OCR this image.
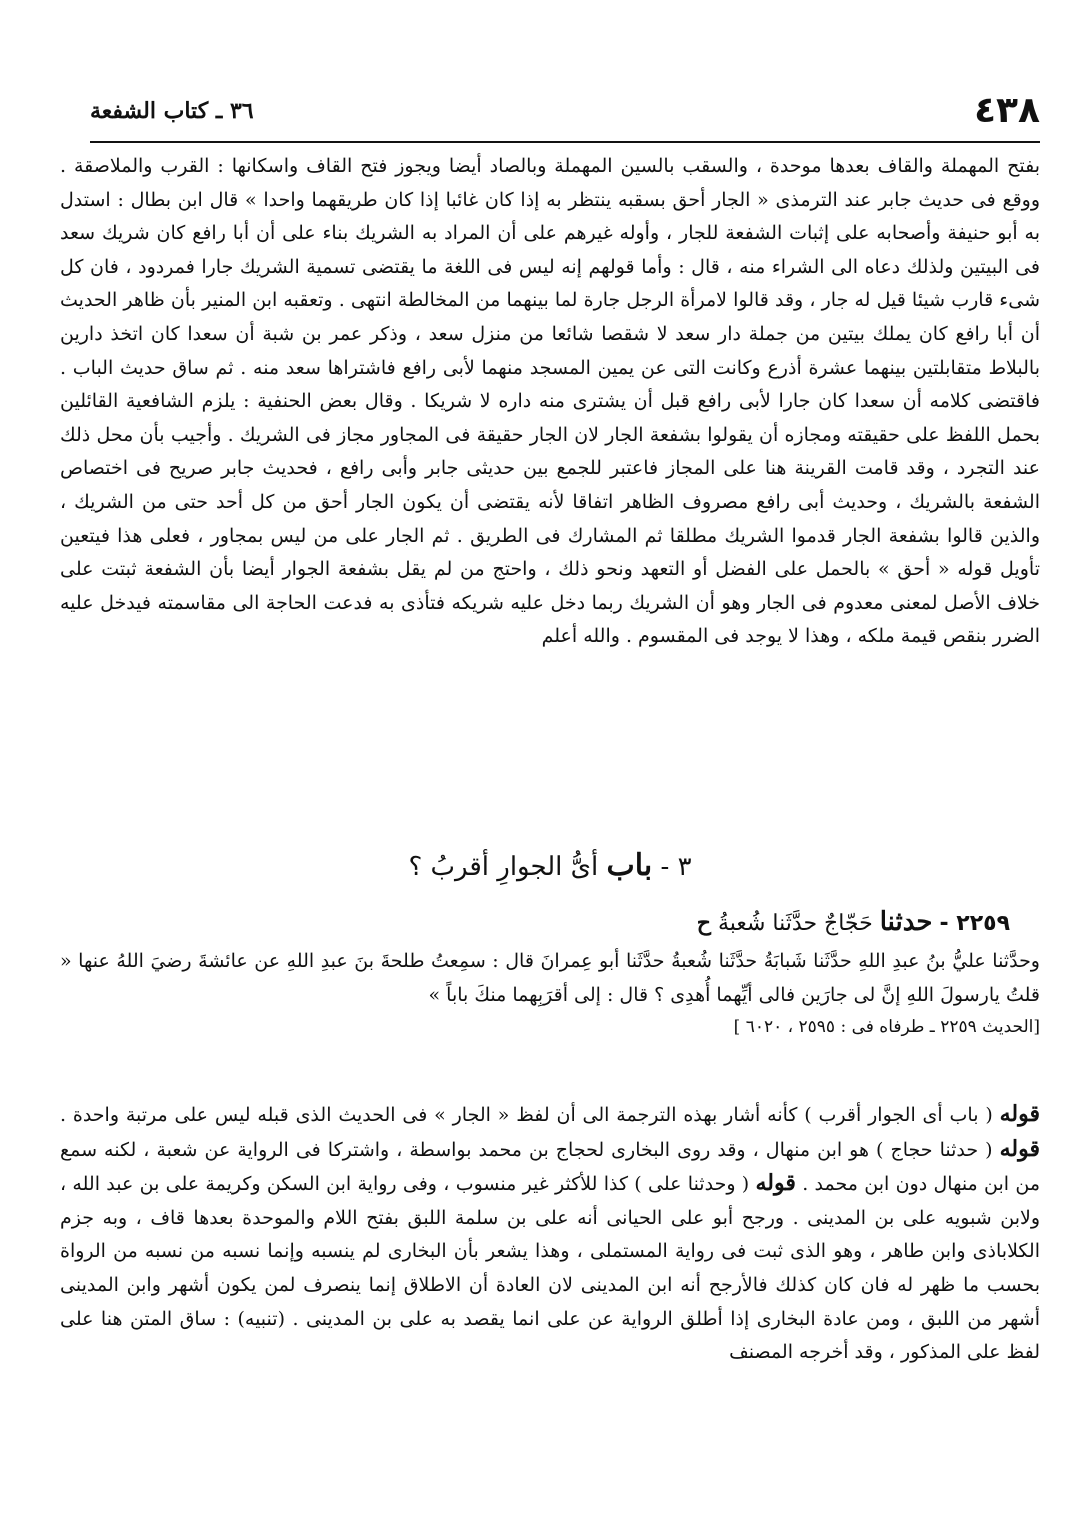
٤٣٨
٣٦ ـ كتاب الشفعة
بفتح المهملة والقاف بعدها موحدة ، والسقب بالسين المهملة وبالصاد أيضا ويجوز فتح القاف واسكانها : القرب والملاصقة . ووقع فى حديث جابر عند الترمذى « الجار أحق بسقبه ينتظر به إذا كان غائبا إذا كان طريقهما واحدا » قال ابن بطال : استدل به أبو حنيفة وأصحابه على إثبات الشفعة للجار ، وأوله غيرهم على أن المراد به الشريك بناء على أن أبا رافع كان شريك سعد فى البيتين ولذلك دعاه الى الشراء منه ، قال : وأما قولهم إنه ليس فى اللغة ما يقتضى تسمية الشريك جارا فمردود ، فان كل شىء قارب شيئا قيل له جار ، وقد قالوا لامرأة الرجل جارة لما بينهما من المخالطة انتهى . وتعقبه ابن المنير بأن ظاهر الحديث أن أبا رافع كان يملك بيتين من جملة دار سعد لا شقصا شائعا من منزل سعد ، وذكر عمر بن شبة أن سعدا كان اتخذ دارين بالبلاط متقابلتين بينهما عشرة أذرع وكانت التى عن يمين المسجد منهما لأبى رافع فاشتراها سعد منه . ثم ساق حديث الباب . فاقتضى كلامه أن سعدا كان جارا لأبى رافع قبل أن يشترى منه داره لا شريكا . وقال بعض الحنفية : يلزم الشافعية القائلين بحمل اللفظ على حقيقته ومجازه أن يقولوا بشفعة الجار لان الجار حقيقة فى المجاور مجاز فى الشريك . وأجيب بأن محل ذلك عند التجرد ، وقد قامت القرينة هنا على المجاز فاعتبر للجمع بين حديثى جابر وأبى رافع ، فحديث جابر صريح فى اختصاص الشفعة بالشريك ، وحديث أبى رافع مصروف الظاهر اتفاقا لأنه يقتضى أن يكون الجار أحق من كل أحد حتى من الشريك ، والذين قالوا بشفعة الجار قدموا الشريك مطلقا ثم المشارك فى الطريق . ثم الجار على من ليس بمجاور ، فعلى هذا فيتعين تأويل قوله « أحق » بالحمل على الفضل أو التعهد ونحو ذلك ، واحتج من لم يقل بشفعة الجوار أيضا بأن الشفعة ثبتت على خلاف الأصل لمعنى معدوم فى الجار وهو أن الشريك ربما دخل عليه شريكه فتأذى به فدعت الحاجة الى مقاسمته فيدخل عليه الضرر بنقص قيمة ملكه ، وهذا لا يوجد فى المقسوم . والله أعلم
٣ - باب أىُّ الجوارِ أقربُ ؟
٢٢٥٩ - حدثنا حَجّاجٌ حدَّثَنا شُعبةُ ح
وحدَّثنا عليُّ بنُ عبدِ اللهِ حدَّثَنا شَبابَةُ حدَّثَنا شُعبةُ حدَّثَنا أبو عِمرانَ قال : سمِعتُ طلحةَ بنَ عبدِ اللهِ عن عائشةَ رضيَ اللهُ عنها « قلتُ يارسولَ اللهِ إنَّ لى جارَين فالى أيِّهما أُهدِى ؟ قال : إلى أقرَبِهما منكَ باباً »
[الحديث ٢٢٥٩ ـ طرفاه فى : ٢٥٩٥ ، ٦٠٢٠ ]
قوله ( باب أى الجوار أقرب ) كأنه أشار بهذه الترجمة الى أن لفظ « الجار » فى الحديث الذى قبله ليس على مرتبة واحدة . قوله ( حدثنا حجاج ) هو ابن منهال ، وقد روى البخارى لحجاج بن محمد بواسطة ، واشتركا فى الرواية عن شعبة ، لكنه سمع من ابن منهال دون ابن محمد . قوله ( وحدثنا على ) كذا للأكثر غير منسوب ، وفى رواية ابن السكن وكريمة على بن عبد الله ، ولابن شبويه على بن المدينى . ورجح أبو على الحيانى أنه على بن سلمة اللبق بفتح اللام والموحدة بعدها قاف ، وبه جزم الكلاباذى وابن طاهر ، وهو الذى ثبت فى رواية المستملى ، وهذا يشعر بأن البخارى لم ينسبه وإنما نسبه من نسبه من الرواة بحسب ما ظهر له فان كان كذلك فالأرجح أنه ابن المدينى لان العادة أن الاطلاق إنما ينصرف لمن يكون أشهر وابن المدينى أشهر من اللبق ، ومن عادة البخارى إذا أطلق الرواية عن على انما يقصد به على بن المدينى . (تنبيه) : ساق المتن هنا على لفظ على المذكور ، وقد أخرجه المصنف
